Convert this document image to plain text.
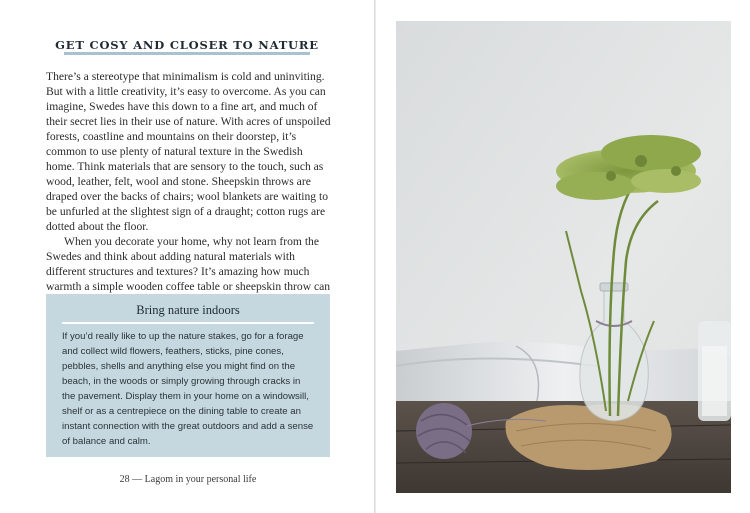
GET COSY AND CLOSER TO NATURE

There’s a stereotype that minimalism is cold and uninviting. But with a little creativity, it’s easy to overcome. As you can imagine, Swedes have this down to a fine art, and much of their secret lies in their use of nature. With acres of unspoiled forests, coastline and mountains on their doorstep, it’s common to use plenty of natural texture in the Swedish home. Think materials that are sensory to the touch, such as wood, leather, felt, wool and stone. Sheepskin throws are draped over the backs of chairs; wool blankets are waiting to be unfurled at the slightest sign of a draught; cotton rugs are dotted about the floor.

When you decorate your home, why not learn from the Swedes and think about adding natural materials with different structures and textures? It’s amazing how much warmth a simple wooden coffee table or sheepskin throw can

Bring nature indoors
If you’d really like to up the nature stakes, go for a forage and collect wild flowers, feathers, sticks, pine cones, pebbles, shells and anything else you might find on the beach, in the woods or simply growing through cracks in the pavement. Display them in your home on a windowsill, shelf or as a centrepiece on the dining table to create an instant connection with the great outdoors and add a sense of balance and calm.
28 — Lagom in your personal life
